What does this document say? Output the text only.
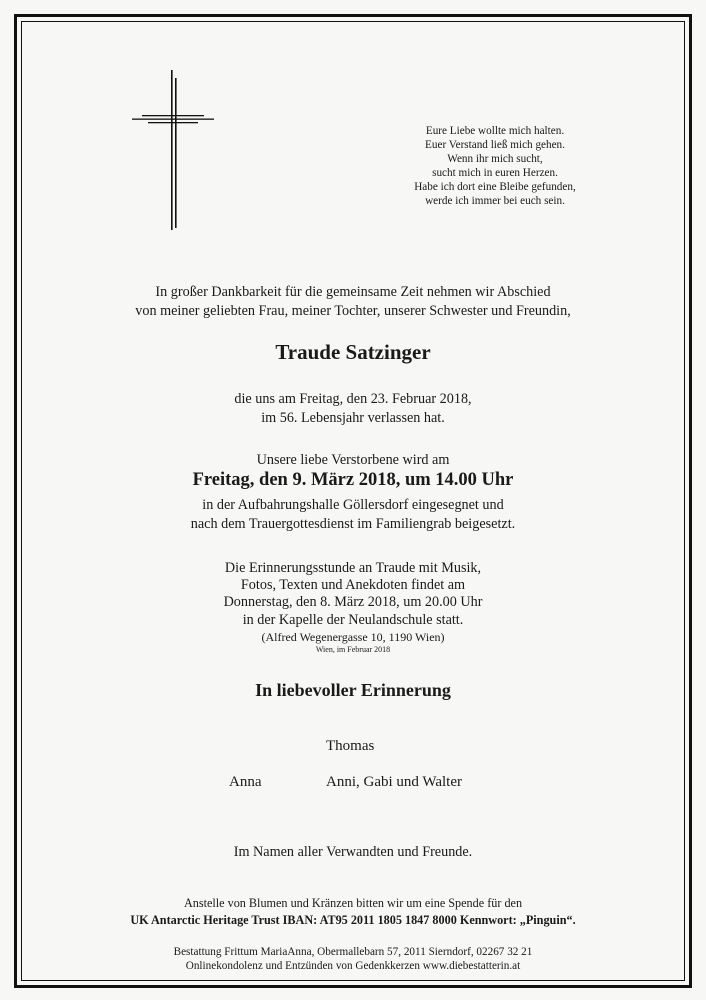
Eure Liebe wollte mich halten.
Euer Verstand ließ mich gehen.
Wenn ihr mich sucht,
sucht mich in euren Herzen.
Habe ich dort eine Bleibe gefunden,
werde ich immer bei euch sein.
In großer Dankbarkeit für die gemeinsame Zeit nehmen wir Abschied
von meiner geliebten Frau, meiner Tochter, unserer Schwester und Freundin,
Traude Satzinger
die uns am Freitag, den 23. Februar 2018,
im 56. Lebensjahr verlassen hat.
Unsere liebe Verstorbene wird am
Freitag, den 9. März 2018, um 14.00 Uhr
in der Aufbahrungshalle Göllersdorf eingesegnet und
nach dem Trauergottesdienst im Familiengrab beigesetzt.
Die Erinnerungsstunde an Traude mit Musik,
Fotos, Texten und Anekdoten findet am
Donnerstag, den 8. März 2018, um 20.00 Uhr
in der Kapelle der Neulandschule statt.
(Alfred Wegenergasse 10, 1190 Wien)
Wien, im Februar 2018
In liebevoller Erinnerung
Thomas
Anna	Anni, Gabi und Walter
Im Namen aller Verwandten und Freunde.
Anstelle von Blumen und Kränzen bitten wir um eine Spende für den
UK Antarctic Heritage Trust IBAN: AT95 2011 1805 1847 8000 Kennwort: „Pinguin“.
Bestattung Frittum MariaAnna, Obermallebarn 57, 2011 Sierndorf, 02267 32 21
Onlinekondolenz und Entzünden von Gedenkkerzen www.diebestatterin.at
